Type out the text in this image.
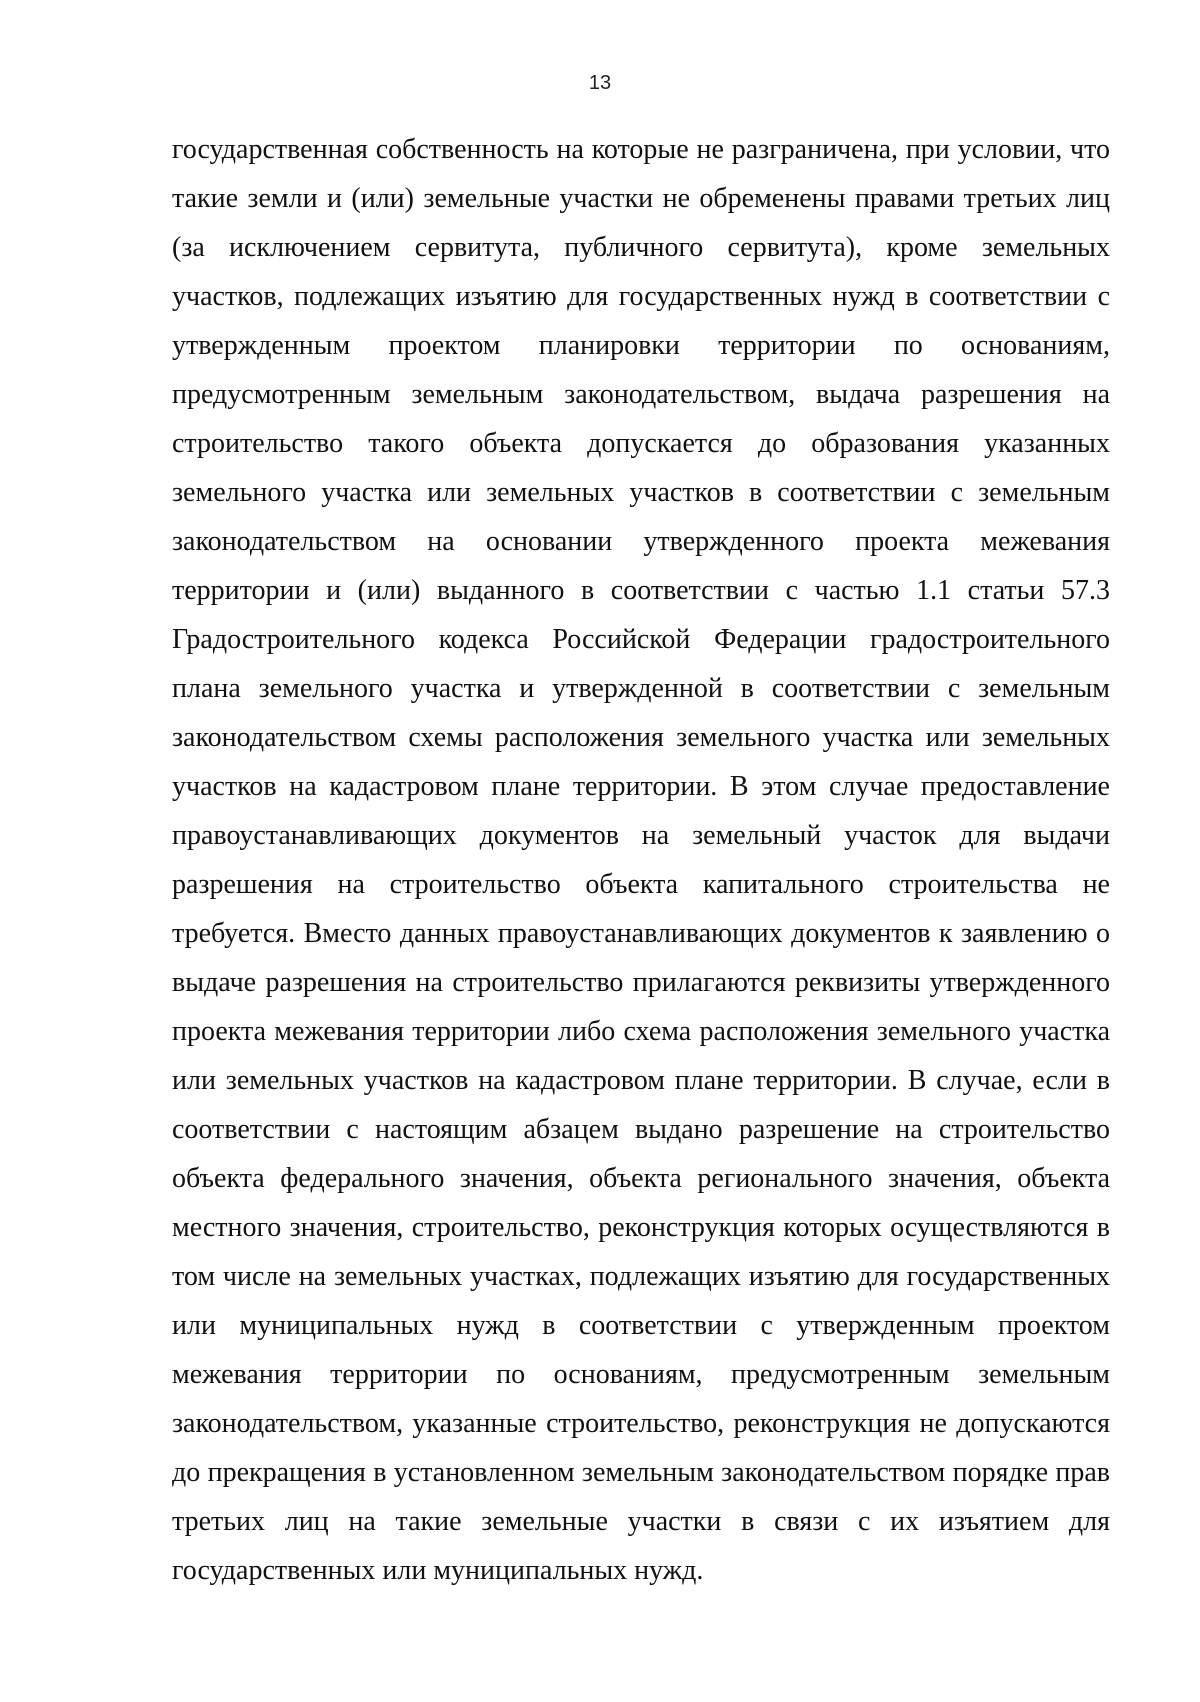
13
государственная собственность на которые не разграничена, при условии, что
такие земли и (или) земельные участки не обременены правами третьих лиц
(за исключением сервитута, публичного сервитута), кроме земельных
участков, подлежащих изъятию для государственных нужд в соответствии с
утвержденным проектом планировки территории по основаниям,
предусмотренным земельным законодательством, выдача разрешения на
строительство такого объекта допускается до образования указанных
земельного участка или земельных участков в соответствии с земельным
законодательством на основании утвержденного проекта межевания
территории и (или) выданного в соответствии с частью 1.1 статьи 57.3
Градостроительного кодекса Российской Федерации градостроительного
плана земельного участка и утвержденной в соответствии с земельным
законодательством схемы расположения земельного участка или земельных
участков на кадастровом плане территории. В этом случае предоставление
правоустанавливающих документов на земельный участок для выдачи
разрешения на строительство объекта капитального строительства не
требуется. Вместо данных правоустанавливающих документов к заявлению о
выдаче разрешения на строительство прилагаются реквизиты утвержденного
проекта межевания территории либо схема расположения земельного участка
или земельных участков на кадастровом плане территории. В случае, если в
соответствии с настоящим абзацем выдано разрешение на строительство
объекта федерального значения, объекта регионального значения, объекта
местного значения, строительство, реконструкция которых осуществляются в
том числе на земельных участках, подлежащих изъятию для государственных
или муниципальных нужд в соответствии с утвержденным проектом
межевания территории по основаниям, предусмотренным земельным
законодательством, указанные строительство, реконструкция не допускаются
до прекращения в установленном земельным законодательством порядке прав
третьих лиц на такие земельные участки в связи с их изъятием для
государственных или муниципальных нужд.
